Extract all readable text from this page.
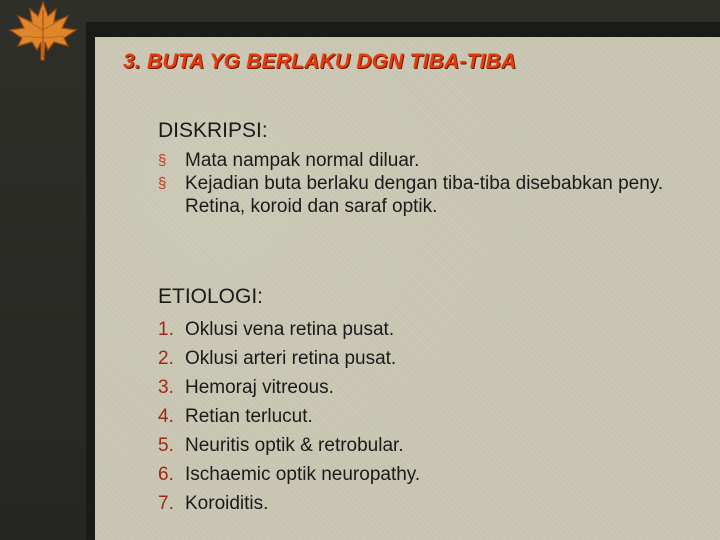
3. BUTA YG BERLAKU DGN TIBA-TIBA
DISKRIPSI:
§ Mata nampak normal diluar.
§ Kejadian buta berlaku dengan tiba-tiba disebabkan peny. Retina, koroid dan saraf optik.
ETIOLOGI:
1. Oklusi vena retina pusat.
2. Oklusi arteri retina pusat.
3. Hemoraj vitreous.
4. Retian terlucut.
5. Neuritis optik & retrobular.
6. Ischaemic optik neuropathy.
7. Koroiditis.
